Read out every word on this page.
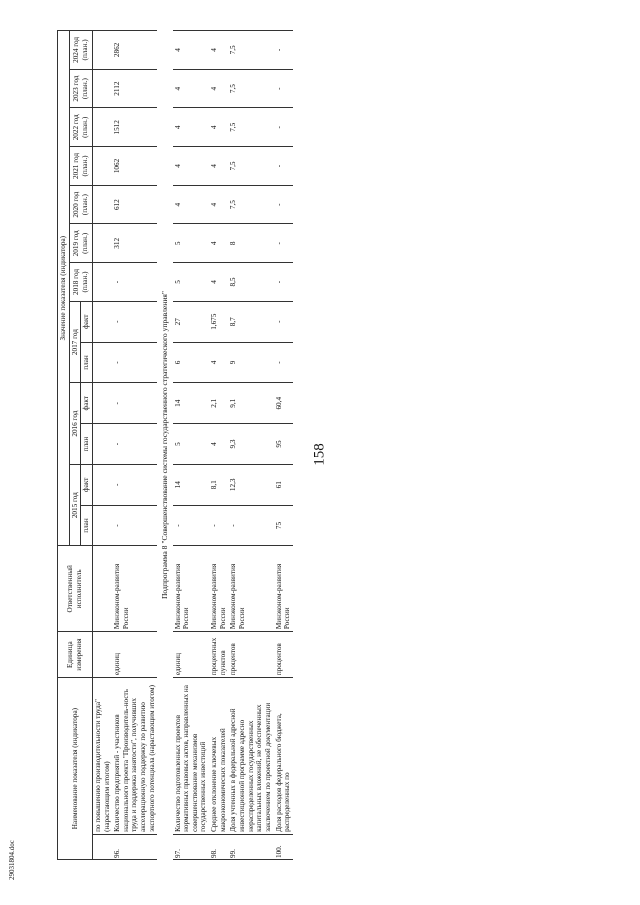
158
29031804.doc
Наименование показателя (индикатора)		Единица измерения	Ответственный исполнитель	Значение показателя (индикатора)												
				2015 год		2016 год		2017 год		2018 год (план.)	2019 год (план.)	2020 год (план.)	2021 год (план.)	2022 год (план.)	2023 год (план.)	2024 год (план.)
				план	факт	план	факт	план	факт							
	по повышению производительности труда" (нарастающим итогом)															
96.	Количество предприятий - участников национального проекта "Производитель-ность труда и поддержка занятости", получивших акселерационную поддержку по развитию экспортного потенциала (нарастающим итогом)	единиц	Минэконом-развития России	-	-	-	-	-	-	-	312	612	1062	1512	2112	2862
Подпрограмма 8 "Совершенствование системы государственного стратегического управления"																
97.	Количество подготовленных проектов нормативных правовых актов, направленных на совершенствование механизмов государственных инвестиций	единиц	Минэконом-развития России	-	14	5	14	6	27	5	5	4	4	4	4	4
98.	Среднее отклонение ключевых макроэкономических показателей	процентных пунктов	Минэконом-развития России	-	8,1	4	2,1	4	1,675	4	4	4	4	4	4	4
99.	Доля учтенных в федеральной адресной инвестиционной программе адресно нераспределенных государственных капитальных вложений, не обеспеченных заключением по проектной документации	процентов	Минэконом-развития России	-	12,3	9,3	9,1	9	8,7	8,5	8	7,5	7,5	7,5	7,5	7,5
100.	Доля расходов федерального бюджета, распределенных по	процентов	Минэконом-развития России	75	61	95	60,4	-	-	-	-	-	-	-	-	-
